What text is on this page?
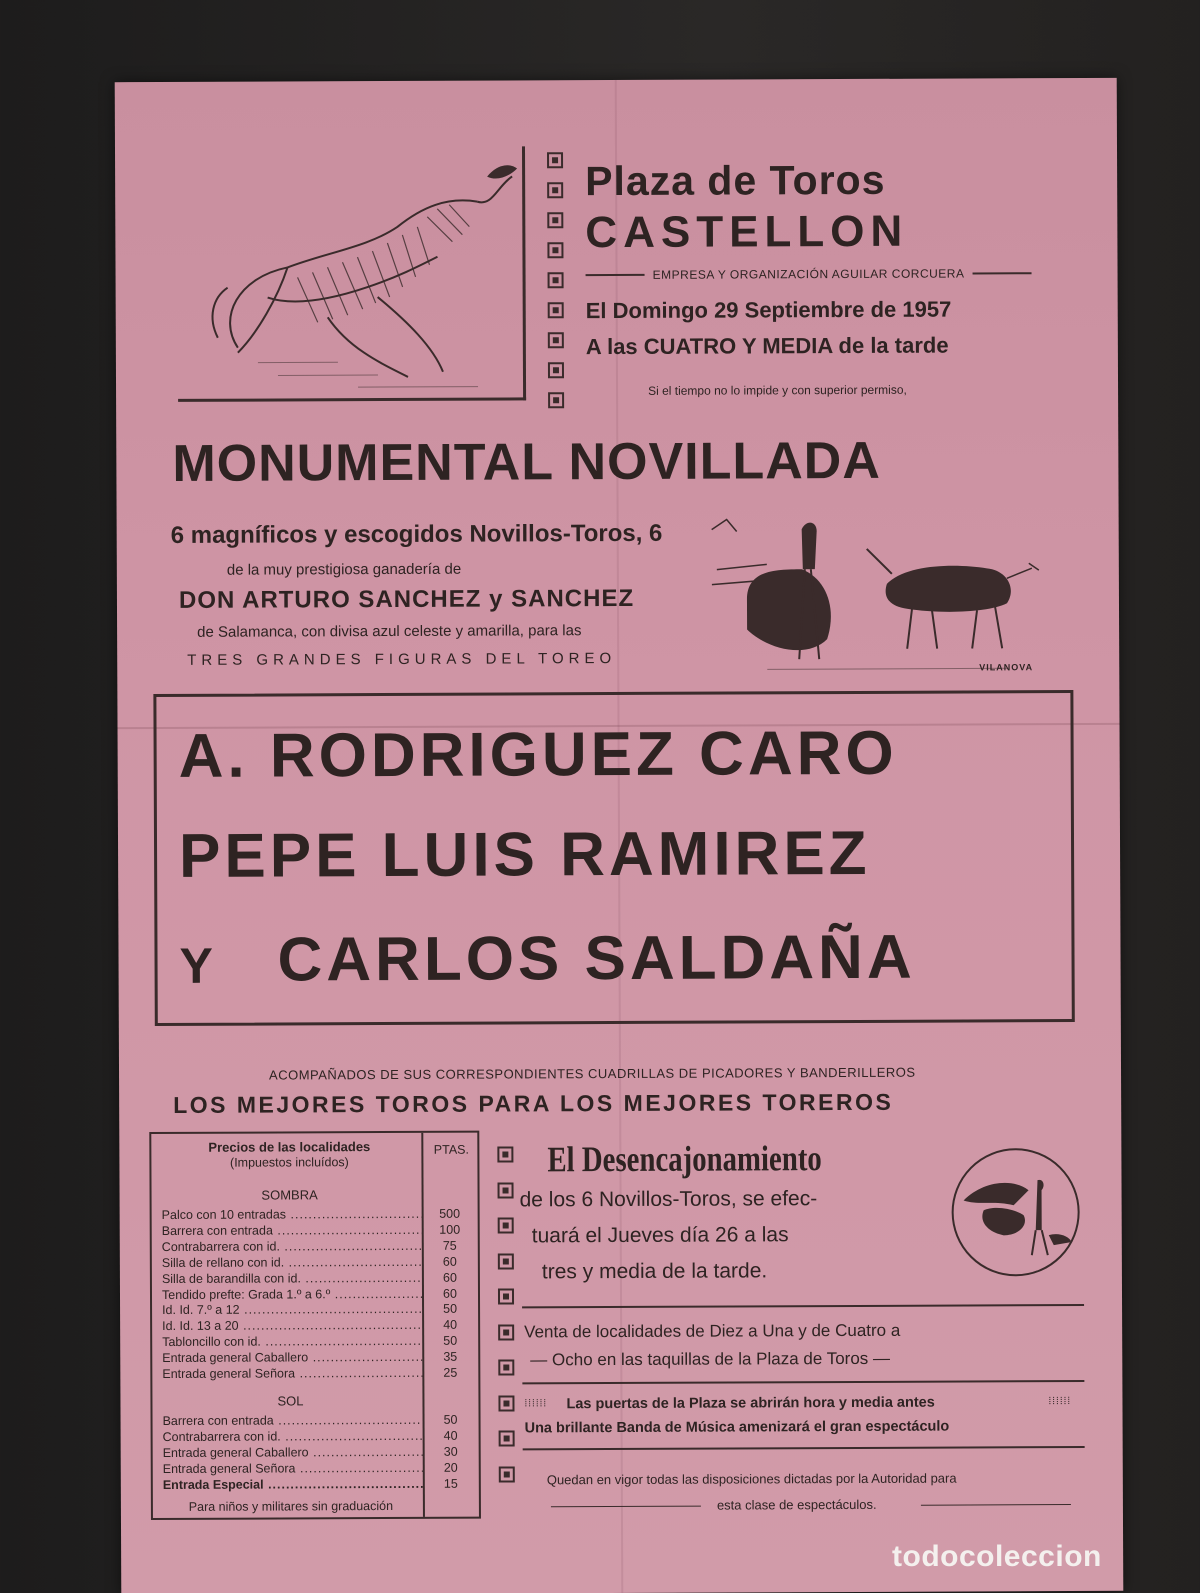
Plaza de Toros
CASTELLON
EMPRESA Y ORGANIZACIÓN AGUILAR CORCUERA
El Domingo 29 Septiembre de 1957
A las CUATRO Y MEDIA de la tarde
Si el tiempo no lo impide y con superior permiso,
MONUMENTAL NOVILLADA
6 magníficos y escogidos Novillos-Toros, 6
de la muy prestigiosa ganadería de
DON ARTURO SANCHEZ y SANCHEZ
de Salamanca, con divisa azul celeste y amarilla, para las
TRES GRANDES FIGURAS DEL TOREO	VILANOVA
A. RODRIGUEZ CARO
PEPE LUIS RAMIREZ
Y CARLOS SALDAÑA
ACOMPAÑADOS DE SUS CORRESPONDIENTES CUADRILLAS DE PICADORES Y BANDERILLEROS
LOS MEJORES TOROS PARA LOS MEJORES TOREROS
Precios de las localidades
(Impuestos incluídos)
PTAS.
SOMBRA
Palco con 10 entradas .....	500
Barrera con entrada .....	100
Contrabarrera con id. .....	75
Silla de rellano con id. .....	60
Silla de barandilla con id. .....	60
Tendido prefte: Grada 1.º a 6.º .....	60
Id. Id. 7.º a 12 .....	50
Id. Id. 13 a 20 .....	40
Tabloncillo con id. .....	50
Entrada general Caballero .....	35
Entrada general Señora .....	25
SOL
Barrera con entrada .....	50
Contrabarrera con id. .....	40
Entrada general Caballero .....	30
Entrada general Señora .....	20
Entrada Especial .....	15
Para niños y militares sin graduación
El Desencajonamiento
de los 6 Novillos-Toros, se efec-
tuará el Jueves día 26 a las
tres y media de la tarde.
Venta de localidades de Diez a Una y de Cuatro a
— Ocho en las taquillas de la Plaza de Toros —
⁞⁞⁞⁞⁞⁞ Las puertas de la Plaza se abrirán hora y media antes	⁞⁞⁞⁞⁞⁞
Una brillante Banda de Música amenizará el gran espectáculo
Quedan en vigor todas las disposiciones dictadas por la Autoridad para
esta clase de espectáculos.
todocoleccion
